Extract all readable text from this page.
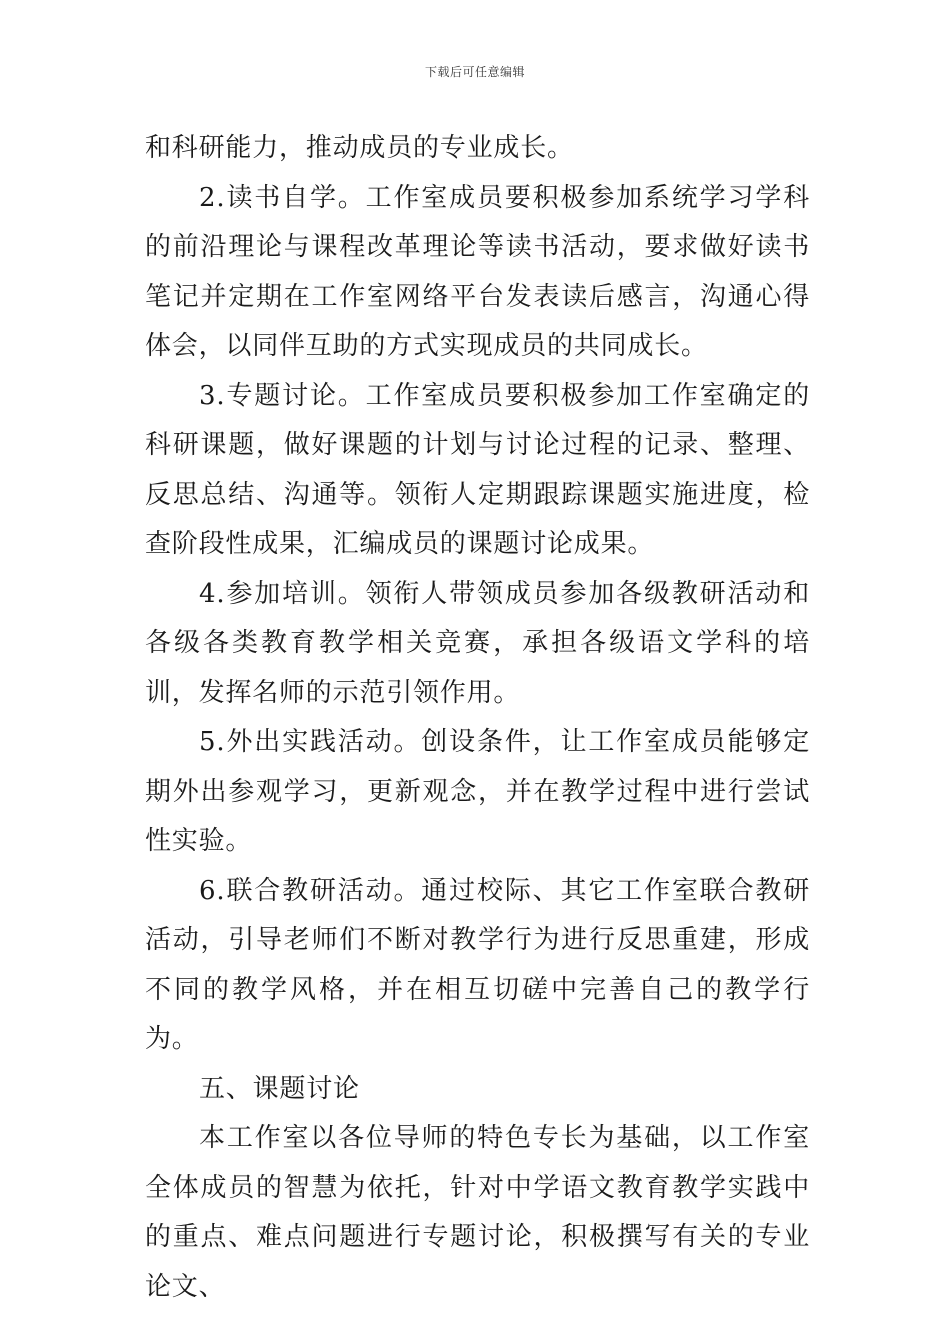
下载后可任意编辑

和科研能力，推动成员的专业成长。

2.读书自学。工作室成员要积极参加系统学习学科的前沿理论与课程改革理论等读书活动，要求做好读书笔记并定期在工作室网络平台发表读后感言，沟通心得体会，以同伴互助的方式实现成员的共同成长。

3.专题讨论。工作室成员要积极参加工作室确定的科研课题，做好课题的计划与讨论过程的记录、整理、反思总结、沟通等。领衔人定期跟踪课题实施进度，检查阶段性成果，汇编成员的课题讨论成果。

4.参加培训。领衔人带领成员参加各级教研活动和各级各类教育教学相关竞赛，承担各级语文学科的培训，发挥名师的示范引领作用。

5.外出实践活动。创设条件，让工作室成员能够定期外出参观学习，更新观念，并在教学过程中进行尝试性实验。

6.联合教研活动。通过校际、其它工作室联合教研活动，引导老师们不断对教学行为进行反思重建，形成不同的教学风格，并在相互切磋中完善自己的教学行为。

五、课题讨论

本工作室以各位导师的特色专长为基础，以工作室全体成员的智慧为依托，针对中学语文教育教学实践中的重点、难点问题进行专题讨论，积极撰写有关的专业论文、
